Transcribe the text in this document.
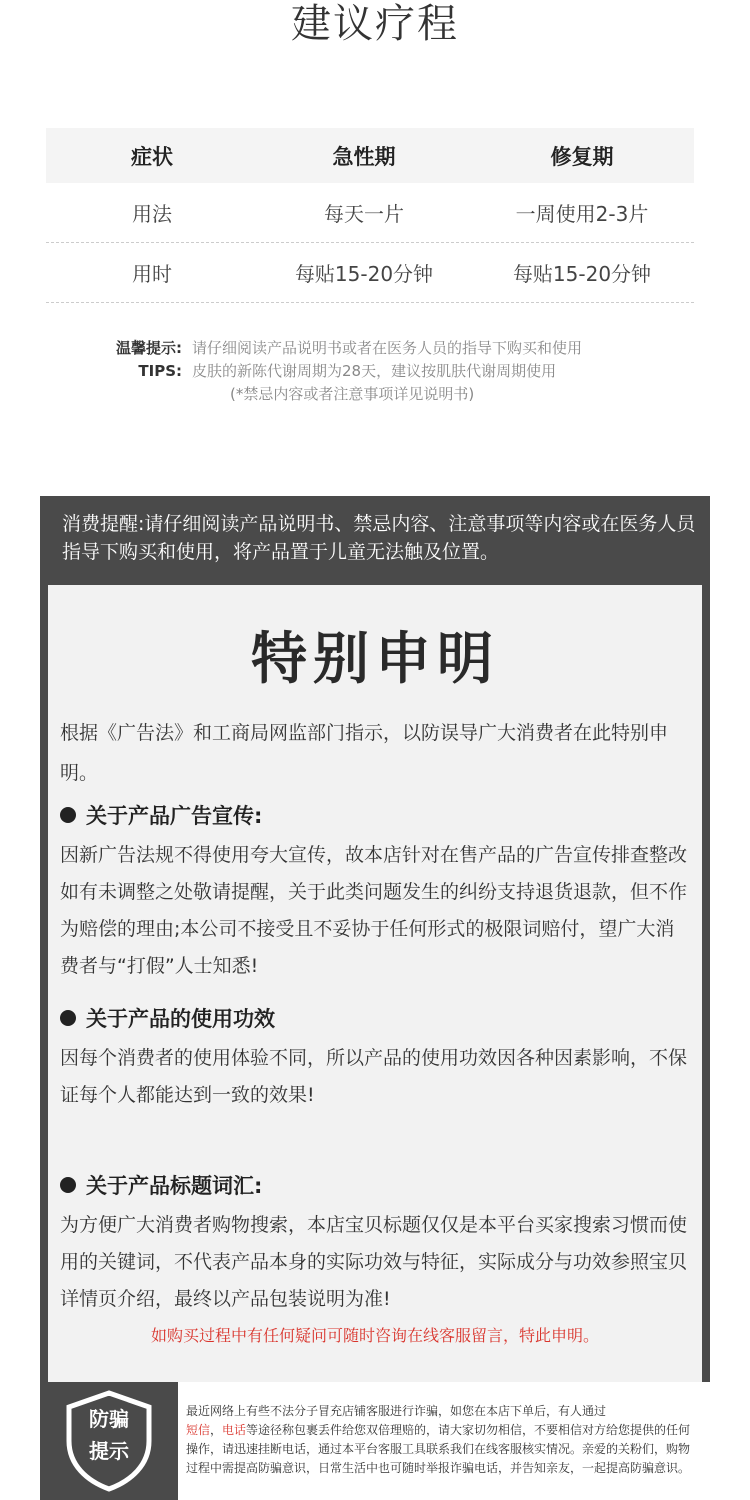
建议疗程
症状	急性期	修复期
用法	每天一片	一周使用2-3片
用时	每贴15-20分钟	每贴15-20分钟
温馨提示: 请仔细阅读产品说明书或者在医务人员的指导下购买和使用
TIPS: 皮肤的新陈代谢周期为28天，建议按肌肤代谢周期使用
(*禁忌内容或者注意事项详见说明书)
消费提醒:请仔细阅读产品说明书、禁忌内容、注意事项等内容或在医务人员指导下购买和使用，将产品置于儿童无法触及位置。
特别申明
根据《广告法》和工商局网监部门指示，以防误导广大消费者在此特别申明。
关于产品广告宣传:
因新广告法规不得使用夸大宣传，故本店针对在售产品的广告宣传排查整改如有未调整之处敬请提醒，关于此类问题发生的纠纷支持退货退款，但不作为赔偿的理由;本公司不接受且不妥协于任何形式的极限词赔付，望广大消费者与“打假”人士知悉!
关于产品的使用功效
因每个消费者的使用体验不同，所以产品的使用功效因各种因素影响，不保证每个人都能达到一致的效果!
关于产品标题词汇:
为方便广大消费者购物搜索，本店宝贝标题仅仅是本平台买家搜索习惯而使用的关键词，不代表产品本身的实际功效与特征，实际成分与功效参照宝贝详情页介绍，最终以产品包装说明为准!
如购买过程中有任何疑问可随时咨询在线客服留言，特此申明。
防骗
提示
最近网络上有些不法分子冒充店铺客服进行诈骗，如您在本店下单后，有人通过
短信，电话等途径称包裹丢件给您双倍理赔的，请大家切勿相信，不要相信对方给您提供的任何操作，请迅速挂断电话，通过本平台客服工具联系我们在线客服核实情况。亲爱的关粉们，购物过程中需提高防骗意识，日常生活中也可随时举报诈骗电话，并告知亲友，一起提高防骗意识。
